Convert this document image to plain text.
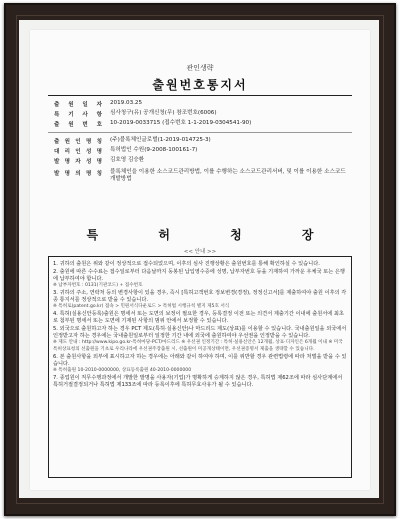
관인생략
출원번호통지서
출 원 일 자 2019.03.25
특 기 사 항 심사청구(유) 공개신청(무) 참조번호(6006)
출 원 번 호 10-2019-0033715 (접수번호 1-1-2019-0304541-90)
출 원 인 명 칭 (주)블록체인글로벌(1-2019-014725-3)
대 리 인 성 명 특허법인 수원(9-2008-100161-7)
발 명 자 성 명 김호영 김승환
발 명 의 명 칭 블록체인을 이용한 소스코드관리방법, 이를 수행하는 소스코드관리서버, 및 이를 이용한 소스코드개발방법
특 허 청 장
<< 안내 >>
1. 귀하의 출원은 위와 같이 정상적으로 접수되었으며, 이후의 심사 진행상황은 출원번호를 통해 확인하실 수 있습니다.
2. 출원에 따른 수수료는 접수일로부터 다음날까지 동봉된 납입영수증에 성명, 납부자번호 등을 기재하여 가까운 우체국 또는 은행에 납부하여야 합니다.
※ 납부자번호 : 0131(기관코드) + 접수번호
3. 귀하의 주소, 연락처 등의 변경사항이 있을 경우, 즉시 [특허고객번호 정보변경(경정), 정정신고서]를 제출하여야 출원 이후의 각종 통지서를 정상적으로 받을 수 있습니다.
※ 특허로(patent.go.kr) 접속 > 민원서식다운로드 > 특허법 시행규칙 별지 제5호 서식
4. 특허(실용신안등록)출원은 명세서 또는 도면의 보정이 필요한 경우, 등록결정 이전 또는 의견서 제출기간 이내에 출원서에 최초로 첨부된 명세서 또는 도면에 기재된 사항의 범위 안에서 보정할 수 있습니다.
5. 외국으로 출원하고자 하는 경우 PCT 제도(특허·실용신안)나 마드리드 제도(상표)를 이용할 수 있습니다. 국내출원일을 외국에서 인정받고자 하는 경우에는 국내출원일로부터 일정한 기간 내에 외국에 출원하여야 우선권을 인정받을 수 있습니다.
※ 제도 안내 : http://www.kipo.go.kr-특허마당-PCT/마드리드 ※ 우선권 인정기간 : 특허·실용신안은 12개월, 상표·디자인은 6개월 이내 ※ 미국특허상표청의 선출원을 기초로 우리나라에 우선권주장출원 시, 선출원이 미공개상태이면, 우선권증명서 제출을 생략할 수 있습니다.
6. 본 출원사항을 외부에 표시하고자 하는 경우에는 아래와 같이 하여야 하며, 이를 위반할 경우 관련법령에 따라 처벌을 받을 수 있습니다.
※ 특허출원 10-2010-0000000, 상표등록출원 40-2010-0000000
7. 종업원이 직무수행과정에서 개발한 발명을 사용자(기업)가 명확하게 승계하지 않은 경우, 특허법 제62조에 따라 심사단계에서 특허거절결정되거나 특허법 제133조에 따라 등록이후에 특허무효사유가 될 수 있습니다.
